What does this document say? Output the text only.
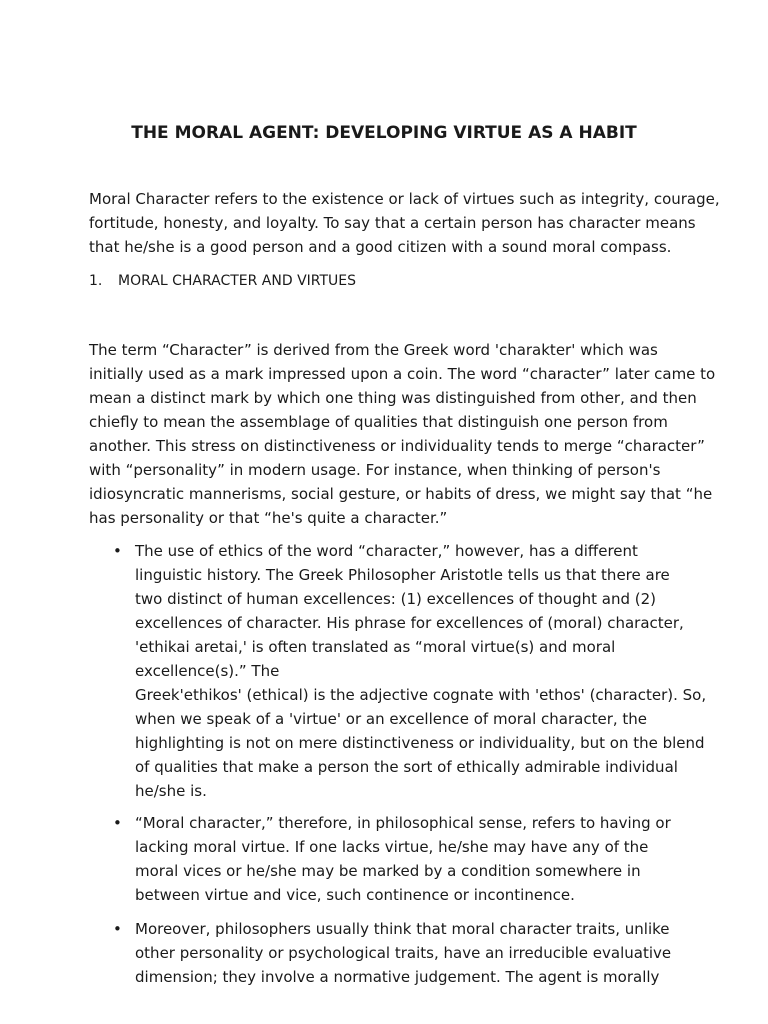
THE MORAL AGENT: DEVELOPING VIRTUE AS A HABIT

Moral Character refers to the existence or lack of virtues such as integrity, courage,
fortitude, honesty, and loyalty. To say that a certain person has character means
that he/she is a good person and a good citizen with a sound moral compass.

1. MORAL CHARACTER AND VIRTUES

The term “Character” is derived from the Greek word 'charakter' which was
initially used as a mark impressed upon a coin. The word “character” later came to
mean a distinct mark by which one thing was distinguished from other, and then
chiefly to mean the assemblage of qualities that distinguish one person from
another. This stress on distinctiveness or individuality tends to merge “character”
with “personality” in modern usage. For instance, when thinking of person's
idiosyncratic mannerisms, social gesture, or habits of dress, we might say that “he
has personality or that “he's quite a character.”

• The use of ethics of the word “character,” however, has a different
linguistic history. The Greek Philosopher Aristotle tells us that there are
two distinct of human excellences: (1) excellences of thought and (2)
excellences of character. His phrase for excellences of (moral) character,
'ethikai aretai,' is often translated as “moral virtue(s) and moral
excellence(s).” The
Greek'ethikos' (ethical) is the adjective cognate with 'ethos' (character). So,
when we speak of a 'virtue' or an excellence of moral character, the
highlighting is not on mere distinctiveness or individuality, but on the blend
of qualities that make a person the sort of ethically admirable individual
he/she is.
• “Moral character,” therefore, in philosophical sense, refers to having or
lacking moral virtue. If one lacks virtue, he/she may have any of the
moral vices or he/she may be marked by a condition somewhere in
between virtue and vice, such continence or incontinence.
• Moreover, philosophers usually think that moral character traits, unlike
other personality or psychological traits, have an irreducible evaluative
dimension; they involve a normative judgement. The agent is morally
